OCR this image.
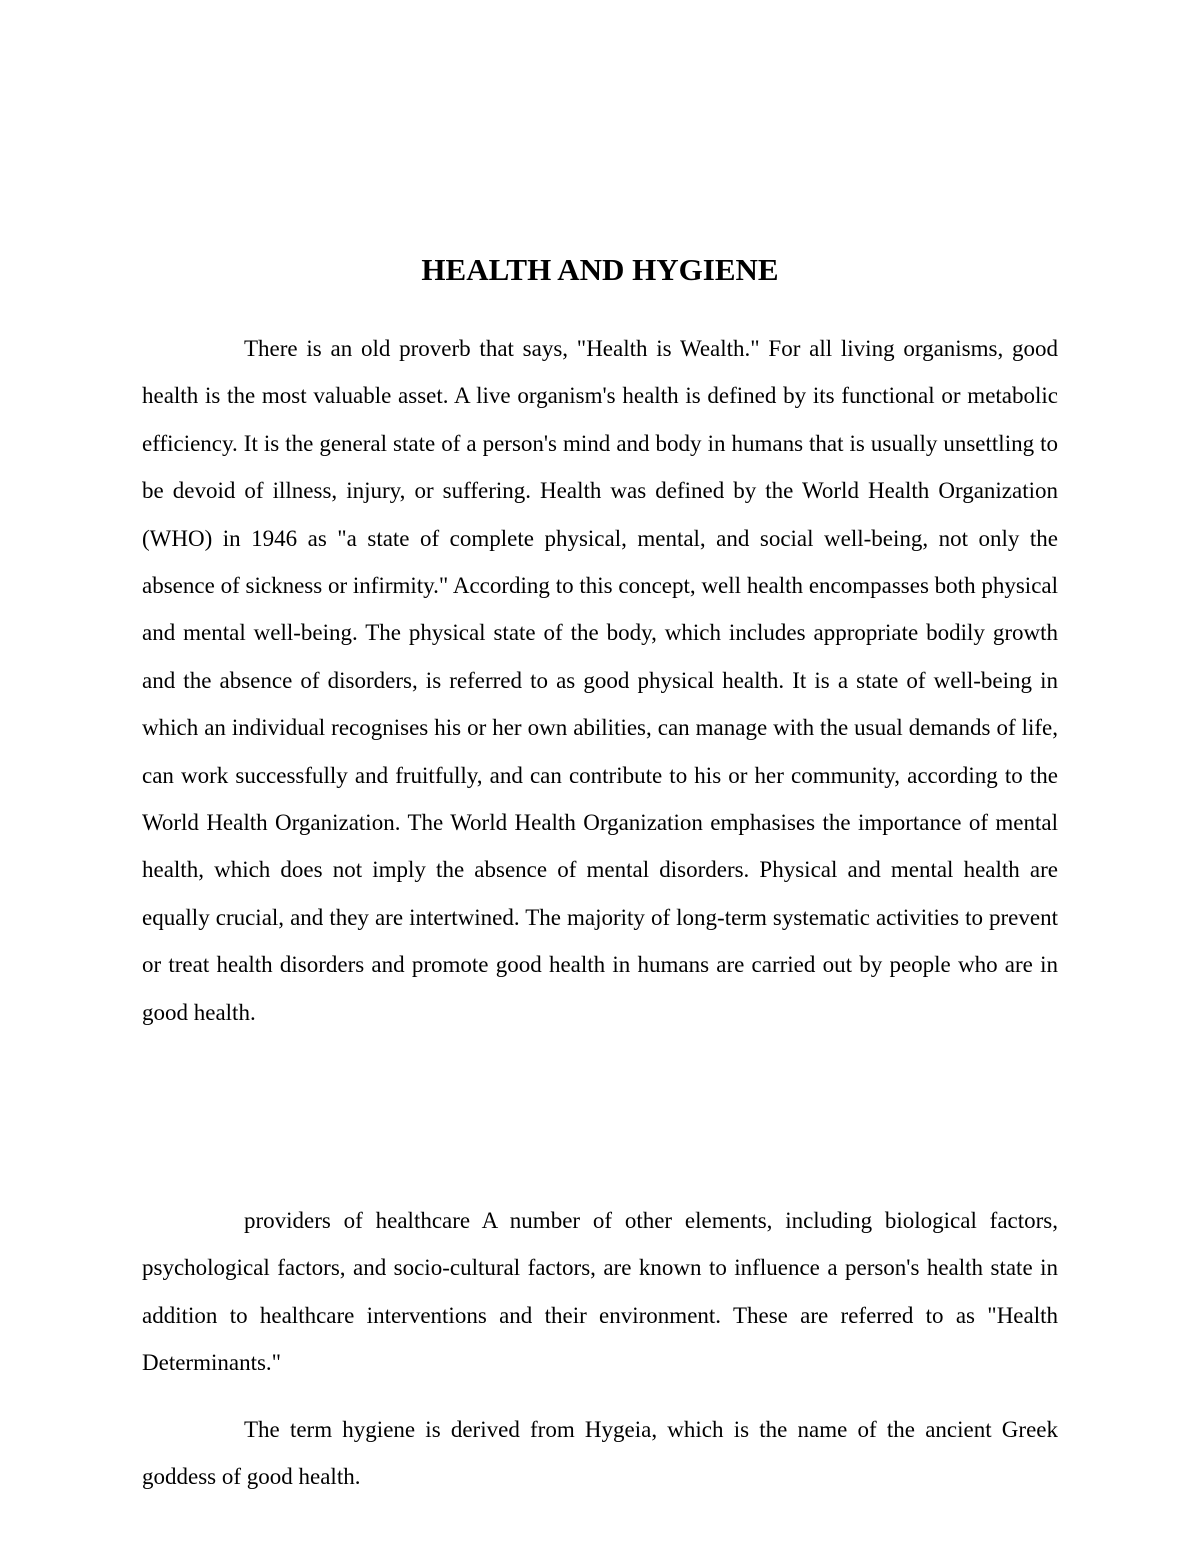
HEALTH AND HYGIENE

There is an old proverb that says, "Health is Wealth." For all living organisms, good health is the most valuable asset. A live organism's health is defined by its functional or metabolic efficiency. It is the general state of a person's mind and body in humans that is usually unsettling to be devoid of illness, injury, or suffering. Health was defined by the World Health Organization (WHO) in 1946 as "a state of complete physical, mental, and social well-being, not only the absence of sickness or infirmity." According to this concept, well health encompasses both physical and mental well-being. The physical state of the body, which includes appropriate bodily growth and the absence of disorders, is referred to as good physical health. It is a state of well-being in which an individual recognises his or her own abilities, can manage with the usual demands of life, can work successfully and fruitfully, and can contribute to his or her community, according to the World Health Organization. The World Health Organization emphasises the importance of mental health, which does not imply the absence of mental disorders. Physical and mental health are equally crucial, and they are intertwined. The majority of long-term systematic activities to prevent or treat health disorders and promote good health in humans are carried out by people who are in good health.

providers of healthcare A number of other elements, including biological factors, psychological factors, and socio-cultural factors, are known to influence a person's health state in addition to healthcare interventions and their environment. These are referred to as "Health Determinants."

The term hygiene is derived from Hygeia, which is the name of the ancient Greek goddess of good health.
